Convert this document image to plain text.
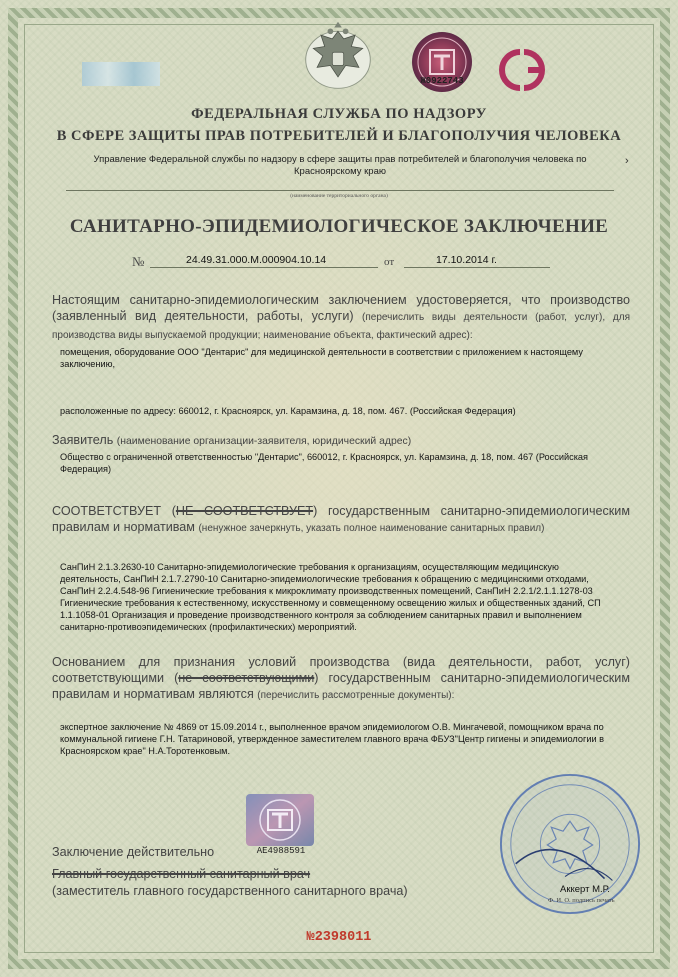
Ж0922743
ФЕДЕРАЛЬНАЯ СЛУЖБА ПО НАДЗОРУ
В СФЕРЕ ЗАЩИТЫ ПРАВ ПОТРЕБИТЕЛЕЙ И БЛАГОПОЛУЧИЯ ЧЕЛОВЕКА
Управление Федеральной службы по надзору в сфере защиты прав потребителей и благополучия человека по Красноярскому краю
›
(наименование территориального органа)
САНИТАРНО-ЭПИДЕМИОЛОГИЧЕСКОЕ ЗАКЛЮЧЕНИЕ
№	24.49.31.000.М.000904.10.14	от	17.10.2014 г.
Настоящим санитарно-эпидемиологическим заключением удостоверяется, что производство (заявленный вид деятельности, работы, услуги) (перечислить виды деятельности (работ, услуг), для производства виды выпускаемой продукции; наименование объекта, фактический адрес):
помещения, оборудование ООО "Дентарис" для медицинской деятельности в соответствии с приложением к настоящему заключению,
расположенные по адресу: 660012, г. Красноярск, ул. Карамзина, д. 18, пом. 467. (Российская Федерация)
Заявитель (наименование организации-заявителя, юридический адрес)
Общество с ограниченной ответственностью "Дентарис", 660012, г. Красноярск, ул. Карамзина, д. 18, пом. 467 (Российская Федерация)
СООТВЕТСТВУЕТ (НЕ СООТВЕТСТВУЕТ) государственным санитарно-эпидемиологическим правилам и нормативам (ненужное зачеркнуть, указать полное наименование санитарных правил)
СанПиН 2.1.3.2630-10 Санитарно-эпидемиологические требования к организациям, осуществляющим медицинскую деятельность, СанПиН 2.1.7.2790-10 Санитарно-эпидемиологические требования к обращению с медицинскими отходами, СанПиН 2.2.4.548-96 Гигиенические требования к микроклимату производственных помещений, СанПиН 2.2.1/2.1.1.1278-03 Гигиенические требования к естественному, искусственному и совмещенному освещению жилых и общественных зданий, СП 1.1.1058-01 Организация и проведение производственного контроля за соблюдением санитарных правил и выполнением санитарно-противоэпидемических (профилактических) мероприятий.
Основанием для признания условий производства (вида деятельности, работ, услуг) соответствующими (не соответствующими) государственным санитарно-эпидемиологическим правилам и нормативам являются (перечислить рассмотренные документы):
экспертное заключение № 4869 от 15.09.2014 г., выполненное врачом эпидемиологом О.В. Мингачевой, помощником врача по коммунальной гигиене Г.Н. Татариновой, утвержденное заместителем главного врача ФБУЗ"Центр гигиены и эпидемиологии в Красноярском крае" Н.А.Торотенковым.
АЕ4988591
Заключение действительно
Главный государственный санитарный врач
(заместитель главного государственного санитарного врача)	Аккерт М.Р.
Ф. И. О. подпись печать
№2398011
